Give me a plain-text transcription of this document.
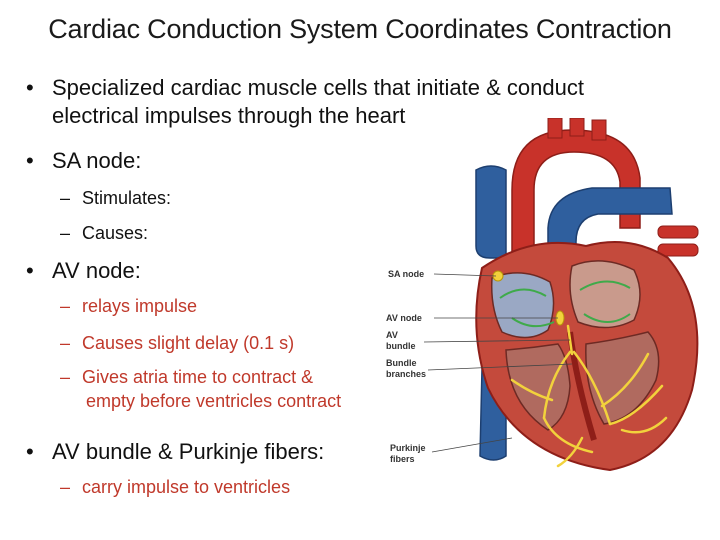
Cardiac Conduction System Coordinates Contraction
• Specialized cardiac muscle cells that initiate & conduct
electrical impulses through the heart
• SA node:
– Stimulates:
– Causes:
• AV node:
– relays impulse
– Causes slight delay (0.1 s)
– Gives atria time to contract &
empty before ventricles contract
• AV bundle & Purkinje fibers:
– carry impulse to ventricles
SA node
AV node
AV
bundle
Bundle
branches
Purkinje
fibers
